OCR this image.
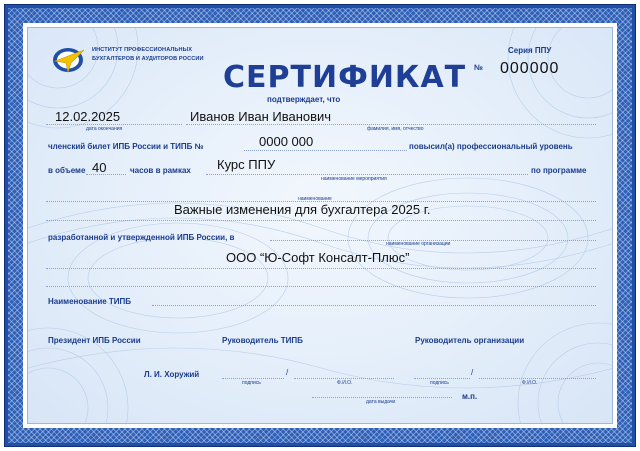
ИНСТИТУТ ПРОФЕССИОНАЛЬНЫХ
БУХГАЛТЕРОВ И АУДИТОРОВ РОССИИ
СЕРТИФИКАТ
подтверждает, что
Серия ППУ
№ 000000
12.02.2025
дата окончания
Иванов Иван Иванович
фамилия, имя, отчество
членский билет ИПБ России и ТИПБ №	0000 000	повысил(а) профессиональный уровень
в объеме 40	часов в рамках Курс ППУ
наименование мероприятия
по программе
наименование
Важные изменения для бухгалтера 2025 г.
разработанной и утвержденной ИПБ России, в
наименование организации
ООО “Ю-Софт Консалт-Плюс”
Наименование ТИПБ
Президент ИПБ России	Руководитель ТИПБ	Руководитель организации
Л. И. Хоружий	/
подпись	Ф.И.О.
/
подпись	Ф.И.О.
дата выдачи
м.п.
